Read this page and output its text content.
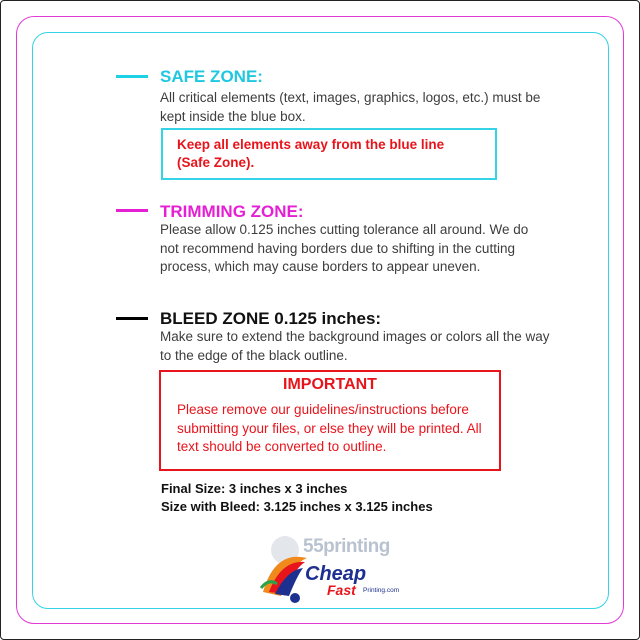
SAFE ZONE:
All critical elements (text, images, graphics, logos, etc.) must be kept inside the blue box.
Keep all elements away from the blue line (Safe Zone).
TRIMMING ZONE:
Please allow 0.125 inches cutting tolerance all around. We do not recommend having borders due to shifting in the cutting process, which may cause borders to appear uneven.
BLEED ZONE 0.125 inches:
Make sure to extend the background images or colors all the way to the edge of the black outline.
IMPORTANT
Please remove our guidelines/instructions before submitting your files, or else they will be printed. All text should be converted to outline.
Final Size: 3 inches x 3 inches
Size with Bleed: 3.125 inches x 3.125 inches
55printing
Cheap
Fast Printing.com
